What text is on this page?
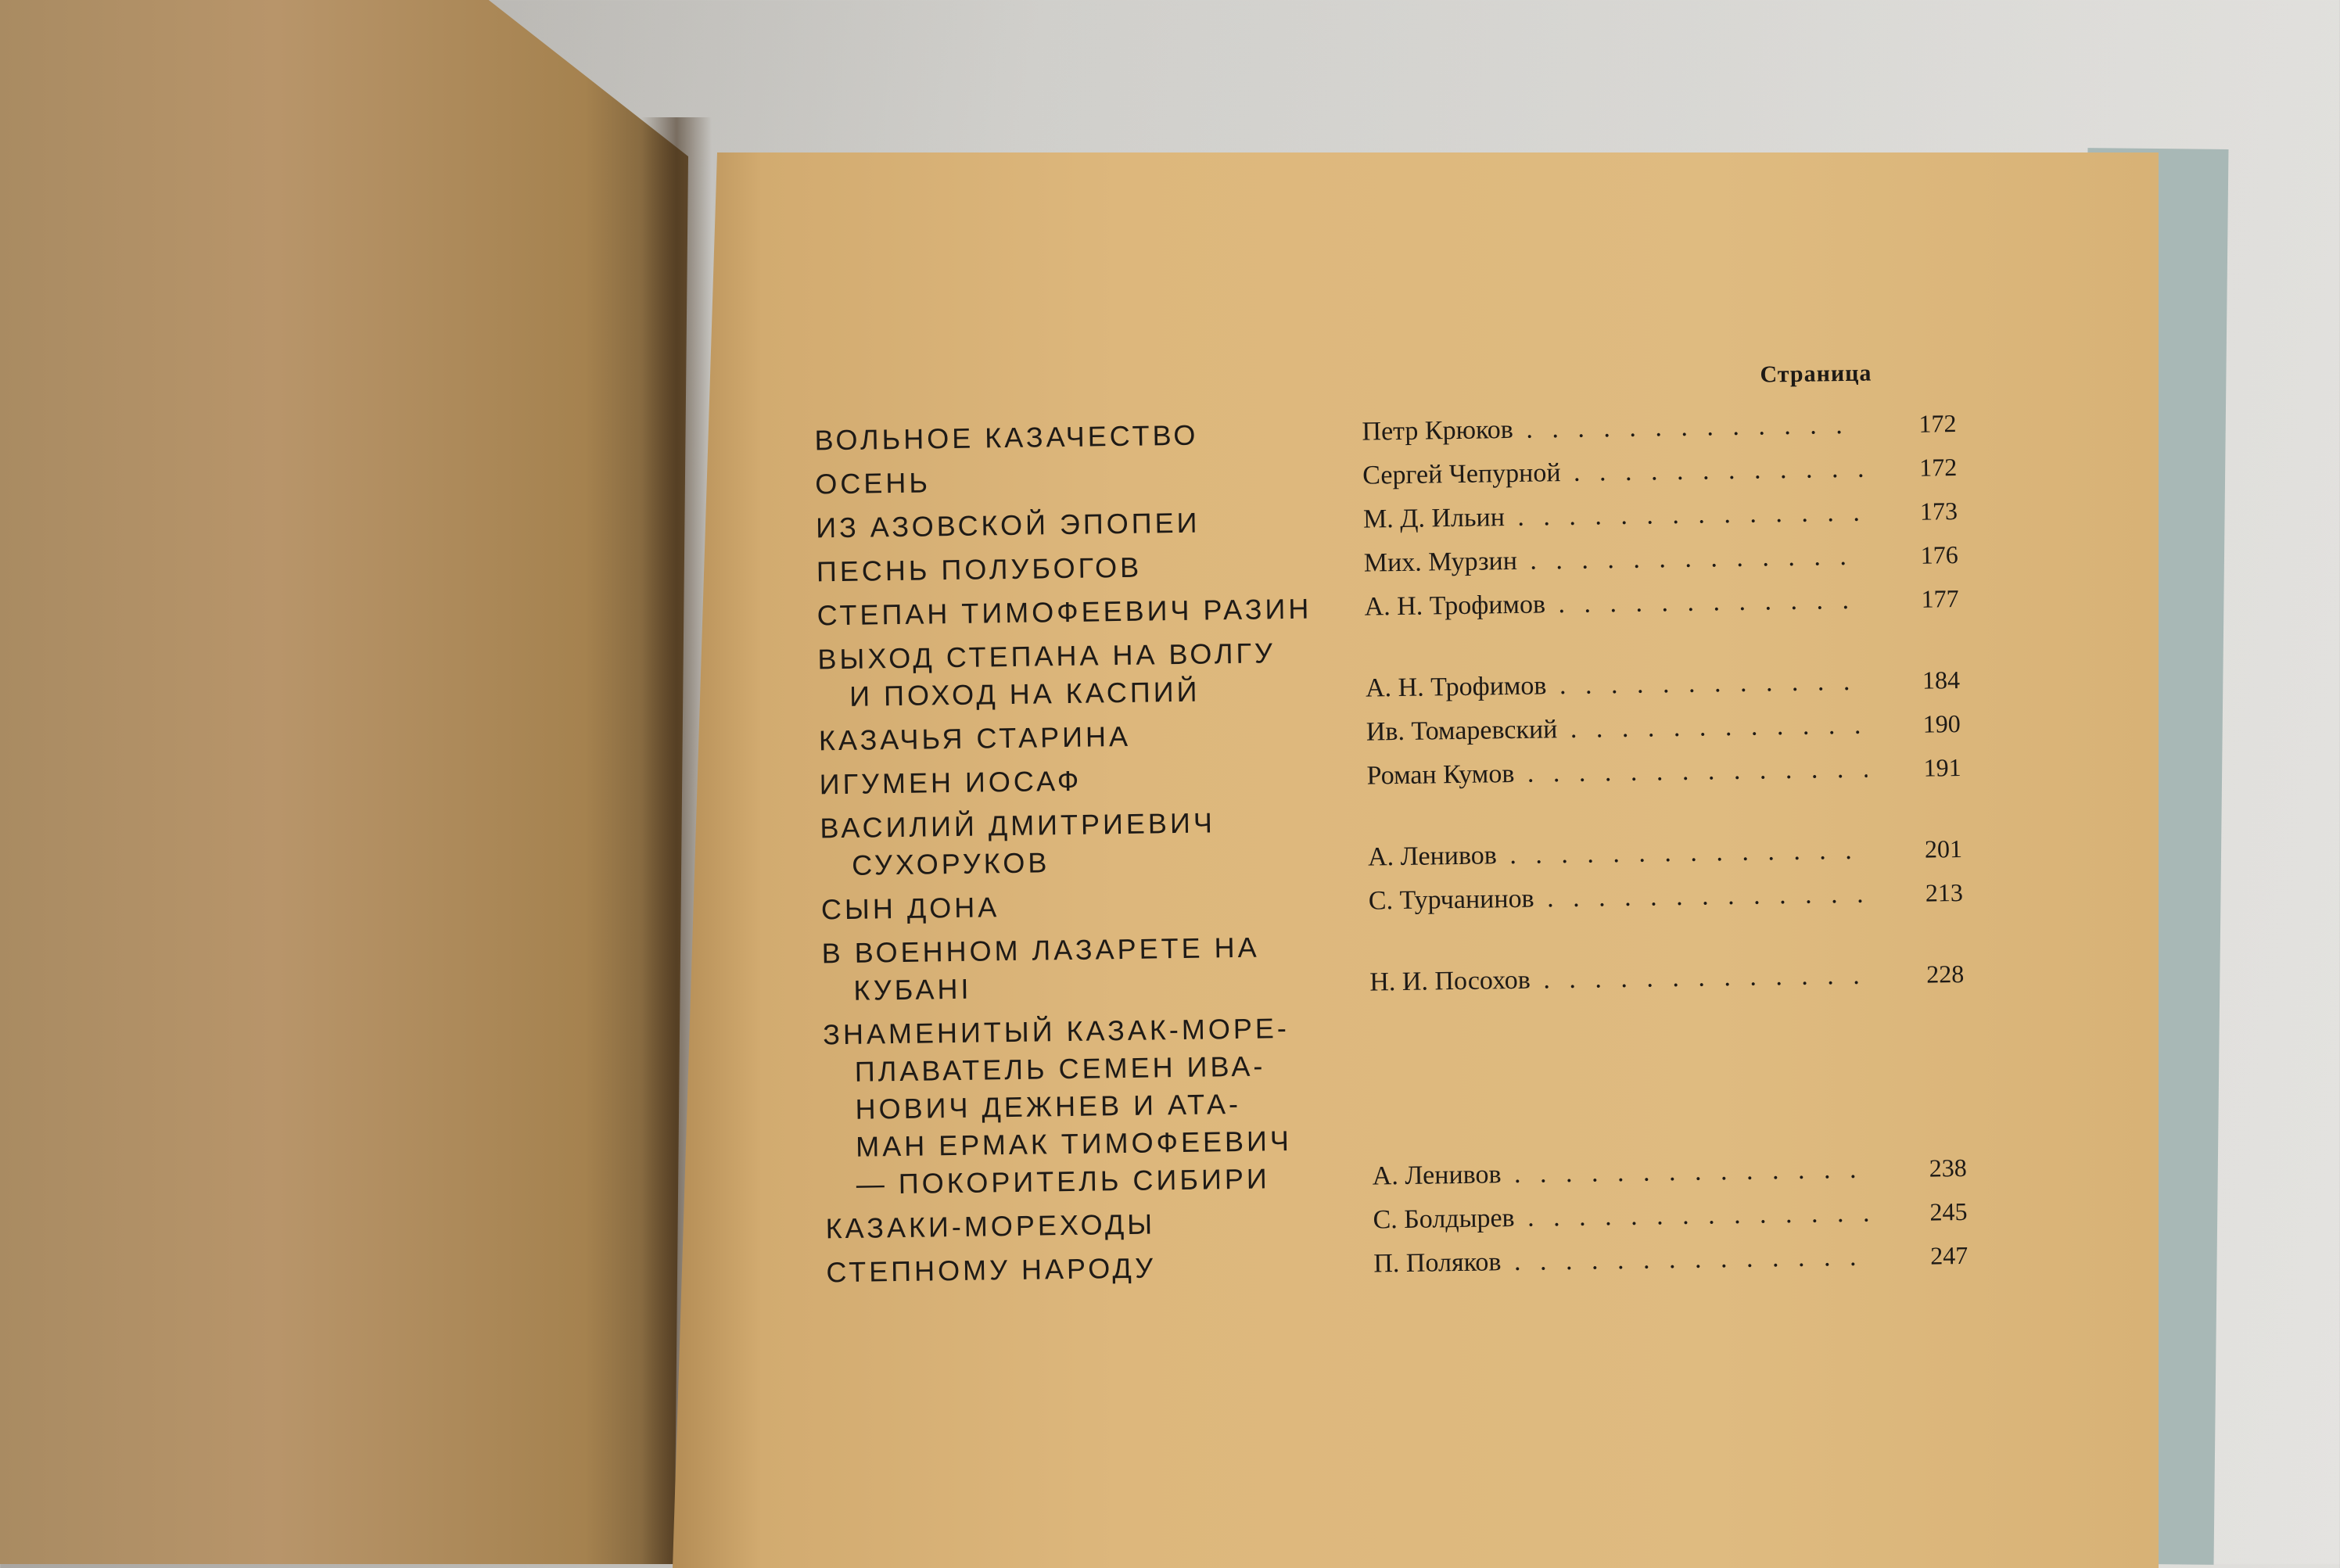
Страница
ВОЛЬНОЕ КАЗАЧЕСТВО	Петр Крюков . . .	172
ОСЕНЬ	Сергей Чепурной . . .	172
ИЗ АЗОВСКОЙ ЭПОПЕИ	М. Д. Ильин . . .	173
ПЕСНЬ ПОЛУБОГОВ	Мих. Мурзин . . .	176
СТЕПАН ТИМОФЕЕВИЧ РАЗИН	А. Н. Трофимов . . .	177
ВЫХОД СТЕПАНА НА ВОЛГУ
И ПОХОД НА КАСПИЙ	А. Н. Трофимов . . .	184
КАЗАЧЬЯ СТАРИНА	Ив. Томаревский . . .	190
ИГУМЕН ИОСАФ	Роман Кумов . . .	191
ВАСИЛИЙ ДМИТРИЕВИЧ
СУХОРУКОВ	А. Ленивов . . .	201
СЫН ДОНА	С. Турчанинов . . .	213
В ВОЕННОМ ЛАЗАРЕТЕ НА
КУБАНІ	Н. И. Посохов . . .	228
ЗНАМЕНИТЫЙ КАЗАК-МОРЕ-
ПЛАВАТЕЛЬ СЕМЕН ИВА-
НОВИЧ ДЕЖНЕВ И АТА-
МАН ЕРМАК ТИМОФЕЕВИЧ
— ПОКОРИТЕЛЬ СИБИРИ	А. Ленивов . . .	238
КАЗАКИ-МОРЕХОДЫ	С. Болдырев . . .	245
СТЕПНОМУ НАРОДУ	П. Поляков . . .	247
